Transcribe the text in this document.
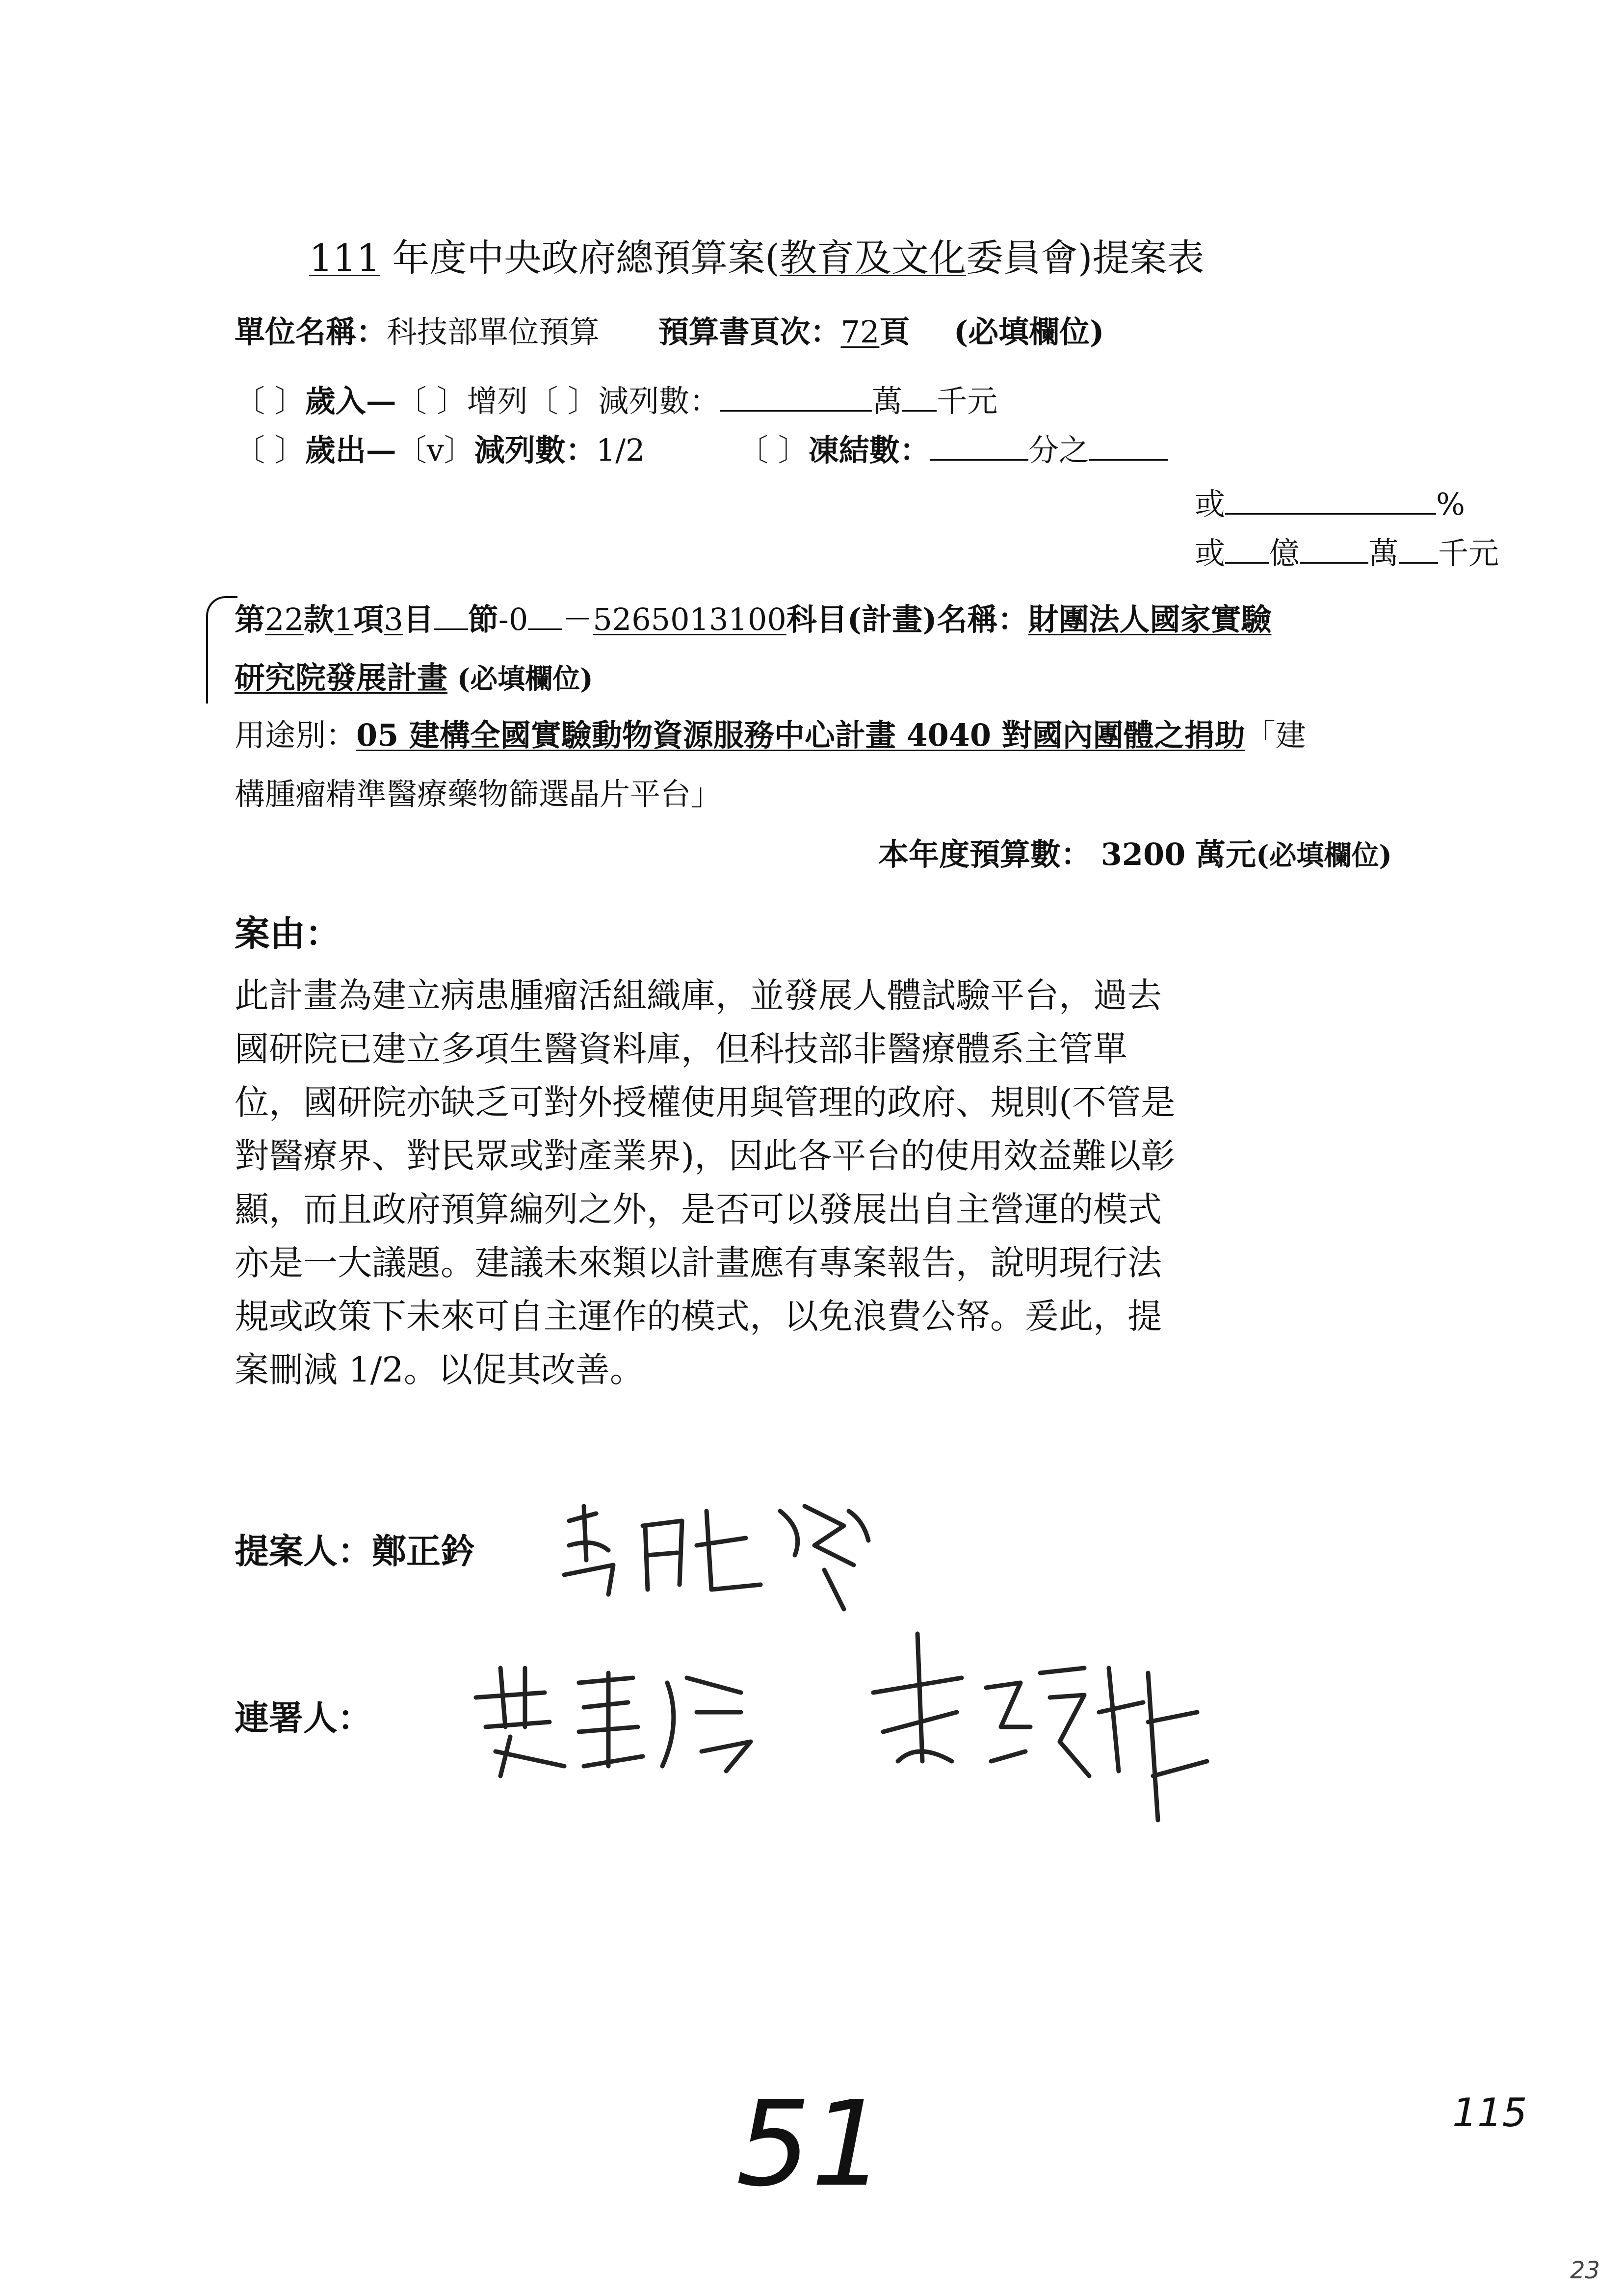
111 年度中央政府總預算案(教育及文化委員會)提案表
單位名稱：科技部單位預算 預算書頁次：72頁 (必填欄位)
〔 〕歲入—〔 〕增列〔 〕減列數：	萬 千元
〔 〕歲出—〔v〕減列數：1/2	〔 〕凍結數：	分之
或	%
或 億 萬 千元
第22款1項3目 節-0 －5265013100科目(計畫)名稱：財團法人國家實驗
研究院發展計畫 (必填欄位)
用途別：05 建構全國實驗動物資源服務中心計畫 4040 對國內團體之捐助「建
構腫瘤精準醫療藥物篩選晶片平台」
本年度預算數： 3200 萬元(必填欄位)
案由：

此計畫為建立病患腫瘤活組織庫，並發展人體試驗平台，過去

國研院已建立多項生醫資料庫，但科技部非醫療體系主管單

位，國研院亦缺乏可對外授權使用與管理的政府、規則(不管是

對醫療界、對民眾或對產業界)，因此各平台的使用效益難以彰

顯，而且政府預算編列之外，是否可以發展出自主營運的模式

亦是一大議題。建議未來類以計畫應有專案報告，說明現行法

規或政策下未來可自主運作的模式，以免浪費公帑。爰此，提

案刪減 1/2。以促其改善。

提案人：鄭正鈐
連署人：
51	115
23
